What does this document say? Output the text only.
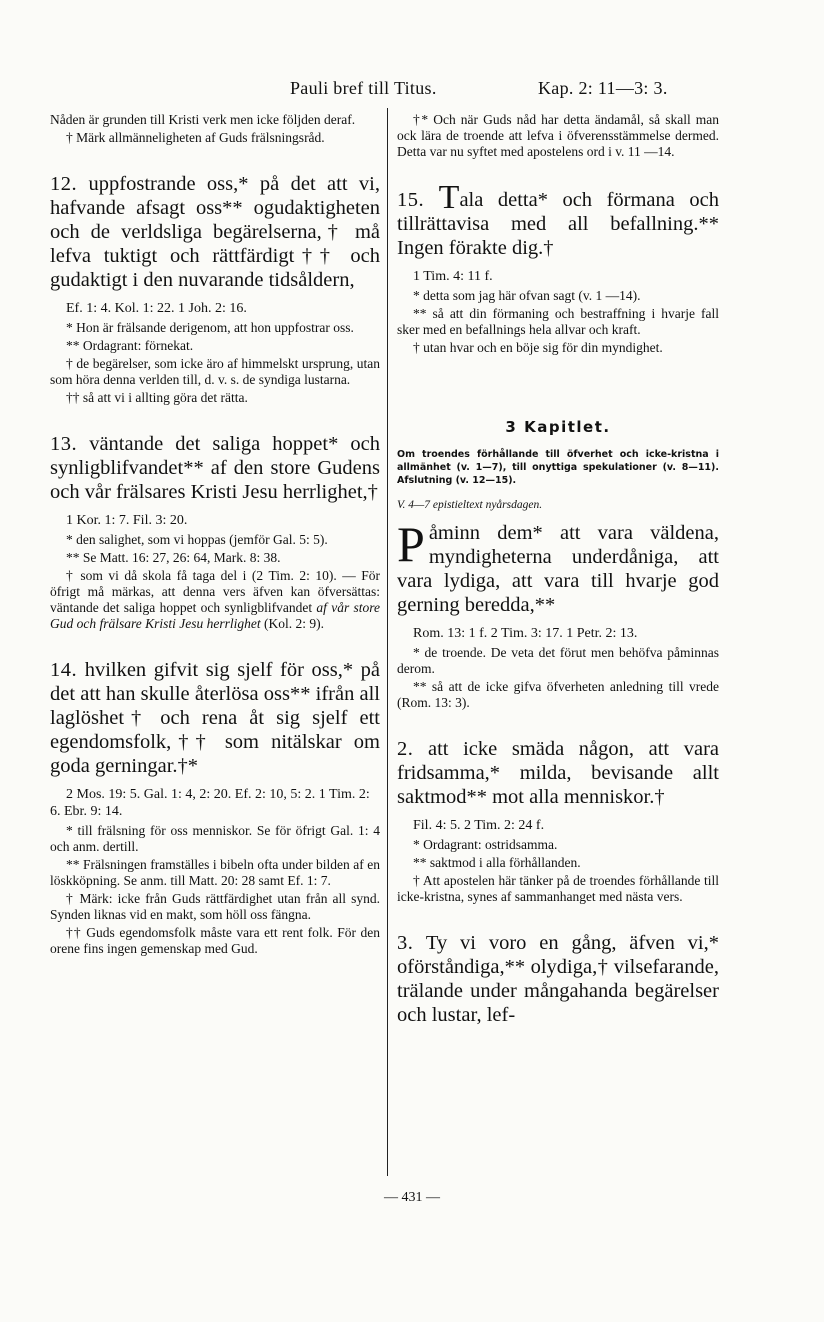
Pauli bref till Titus.	Kap. 2: 11—3: 3.

Nåden är grunden till Kristi verk men icke följden deraf.

† Märk allmänneligheten af Guds frälsningsråd.

12. uppfostrande oss,* på det att vi, hafvande afsagt oss** ogudaktigheten och de verldsliga begärelserna,† må lefva tuktigt och rättfärdigt†† och gudaktigt i den nuvarande tidsåldern,

Ef. 1: 4. Kol. 1: 22. 1 Joh. 2: 16.

* Hon är frälsande derigenom, att hon uppfostrar oss.

** Ordagrant: förnekat.

† de begärelser, som icke äro af himmelskt ursprung, utan som höra denna verlden till, d. v. s. de syndiga lustarna.

†† så att vi i allting göra det rätta.

13. väntande det saliga hoppet* och synligblifvandet** af den store Gudens och vår frälsares Kristi Jesu herrlighet,†

1 Kor. 1: 7. Fil. 3: 20.

* den salighet, som vi hoppas (jemför Gal. 5: 5).

** Se Matt. 16: 27, 26: 64, Mark. 8: 38.

† som vi då skola få taga del i (2 Tim. 2: 10). — För öfrigt må märkas, att denna vers äfven kan öfversättas: väntande det saliga hoppet och synligblifvandet af vår store Gud och frälsare Kristi Jesu herrlighet (Kol. 2: 9).

14. hvilken gifvit sig sjelf för oss,* på det att han skulle återlösa oss** ifrån all laglöshet† och rena åt sig sjelf ett egendomsfolk,†† som nitälskar om goda gerningar.†*

2 Mos. 19: 5. Gal. 1: 4, 2: 20. Ef. 2: 10, 5: 2. 1 Tim. 2: 6. Ebr. 9: 14.

* till frälsning för oss menniskor. Se för öfrigt Gal. 1: 4 och anm. dertill.

** Frälsningen framställes i bibeln ofta under bilden af en löskköpning. Se anm. till Matt. 20: 28 samt Ef. 1: 7.

† Märk: icke från Guds rättfärdighet utan från all synd. Synden liknas vid en makt, som höll oss fängna.

†† Guds egendomsfolk måste vara ett rent folk. För den orene fins ingen gemenskap med Gud.

†* Och när Guds nåd har detta ändamål, så skall man ock lära de troende att lefva i öfverensstämmelse dermed. Detta var nu syftet med apostelens ord i v. 11 —14.

15. Tala detta* och förmana och tillrättavisa med all befallning.** Ingen förakte dig.†

1 Tim. 4: 11 f.

* detta som jag här ofvan sagt (v. 1 —14).

** så att din förmaning och bestraffning i hvarje fall sker med en befallnings hela allvar och kraft.

† utan hvar och en böje sig för din myndighet.

3 Kapitlet.

Om troendes förhållande till öfverhet och icke-kristna i allmänhet (v. 1—7), till onyttiga spekulationer (v. 8—11). Afslutning (v. 12—15).

V. 4—7 epistieltext nyårsdagen.

Påminn dem* att vara väldena, myndigheterna underdåniga, att vara lydiga, att vara till hvarje god gerning beredda,**

Rom. 13: 1 f. 2 Tim. 3: 17. 1 Petr. 2: 13.

* de troende. De veta det förut men behöfva påminnas derom.

** så att de icke gifva öfverheten anledning till vrede (Rom. 13: 3).

2. att icke smäda någon, att vara fridsamma,* milda, bevisande allt saktmod** mot alla menniskor.†

Fil. 4: 5. 2 Tim. 2: 24 f.

* Ordagrant: ostridsamma.

** saktmod i alla förhållanden.

† Att apostelen här tänker på de troendes förhållande till icke-kristna, synes af sammanhanget med nästa vers.

3. Ty vi voro en gång, äfven vi,* oförståndiga,** olydiga,† vilsefarande, trälande under mångahanda begärelser och lustar, lef-

— 431 —
